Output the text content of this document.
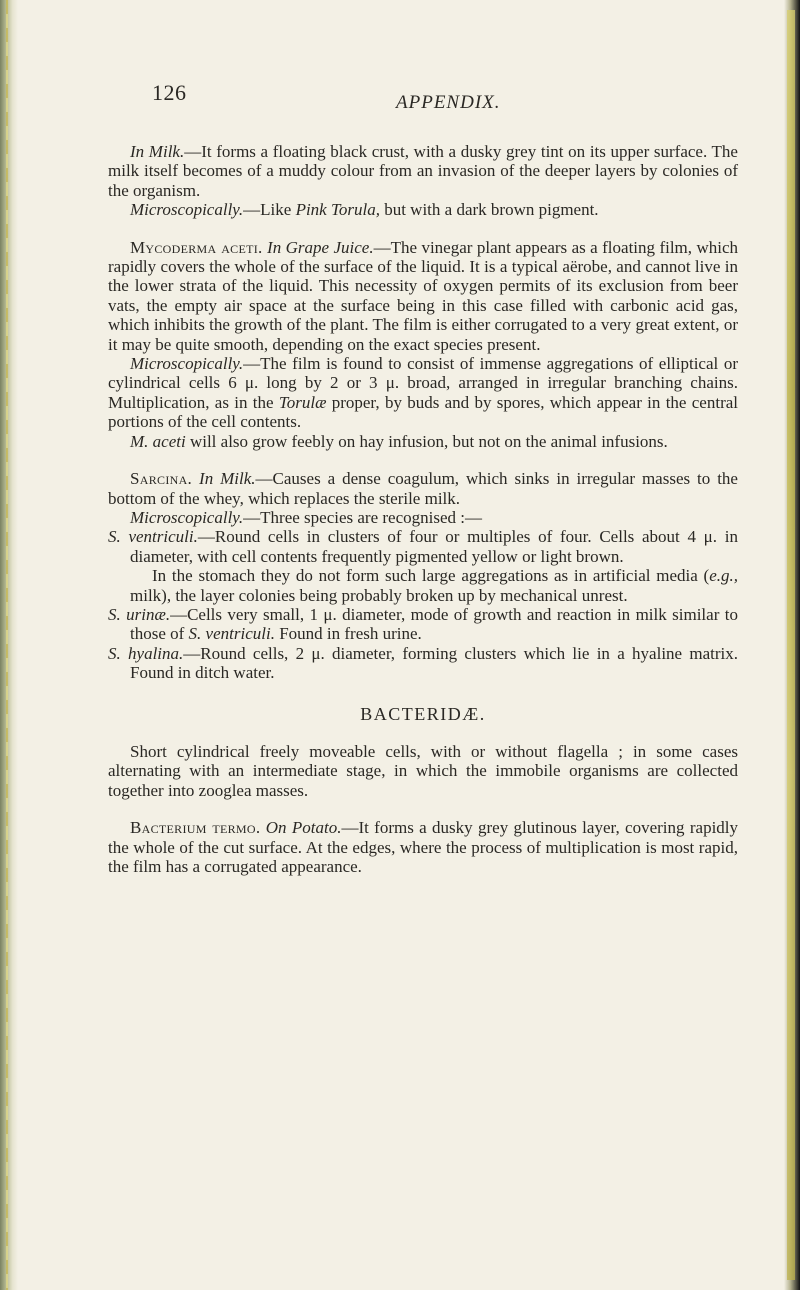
126	APPENDIX.

In Milk.—It forms a floating black crust, with a dusky grey tint on its upper surface. The milk itself becomes of a muddy colour from an invasion of the deeper layers by colonies of the organism.

Microscopically.—Like Pink Torula, but with a dark brown pigment.

Mycoderma aceti. In Grape Juice.—The vinegar plant appears as a floating film, which rapidly covers the whole of the surface of the liquid. It is a typical aërobe, and cannot live in the lower strata of the liquid. This necessity of oxygen permits of its exclusion from beer vats, the empty air space at the surface being in this case filled with carbonic acid gas, which inhibits the growth of the plant. The film is either corrugated to a very great extent, or it may be quite smooth, depending on the exact species present.

Microscopically.—The film is found to consist of immense aggregations of elliptical or cylindrical cells 6 μ. long by 2 or 3 μ. broad, arranged in irregular branching chains. Multiplication, as in the Torulæ proper, by buds and by spores, which appear in the central portions of the cell contents.

M. aceti will also grow feebly on hay infusion, but not on the animal infusions.

Sarcina. In Milk.—Causes a dense coagulum, which sinks in irregular masses to the bottom of the whey, which replaces the sterile milk.

Microscopically.—Three species are recognised :—

S. ventriculi.—Round cells in clusters of four or multiples of four. Cells about 4 μ. in diameter, with cell contents frequently pigmented yellow or light brown.

In the stomach they do not form such large aggregations as in artificial media (e.g., milk), the layer colonies being probably broken up by mechanical unrest.

S. urinæ.—Cells very small, 1 μ. diameter, mode of growth and reaction in milk similar to those of S. ventriculi. Found in fresh urine.

S. hyalina.—Round cells, 2 μ. diameter, forming clusters which lie in a hyaline matrix. Found in ditch water.

BACTERIDÆ.

Short cylindrical freely moveable cells, with or without flagella ; in some cases alternating with an intermediate stage, in which the immobile organisms are collected together into zooglea masses.

Bacterium termo. On Potato.—It forms a dusky grey glutinous layer, covering rapidly the whole of the cut surface. At the edges, where the process of multiplication is most rapid, the film has a corrugated appearance.
